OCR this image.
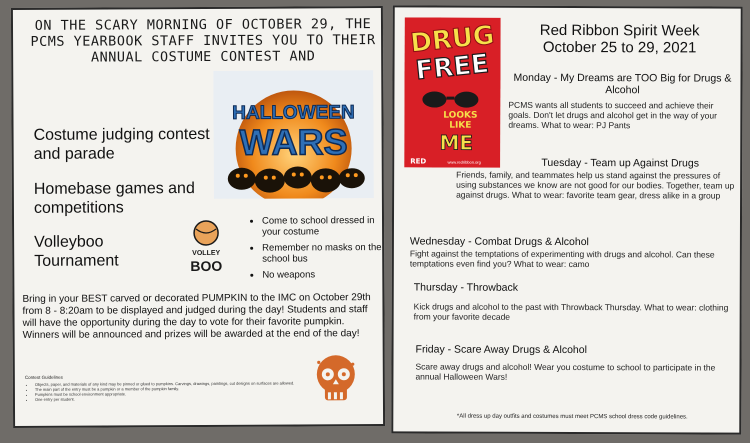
ON THE SCARY MORNING OF OCTOBER 29, THE PCMS YEARBOOK STAFF INVITES YOU TO THEIR ANNUAL COSTUME CONTEST AND
HALLOWEEN
WARS
Costume judging contest and parade
Homebase games and competitions
Volleyboo Tournament	VOLLEY
BOO
• Come to school dressed in your costume
• Remember no masks on the school bus
• No weapons
Bring in your BEST carved or decorated PUMPKIN to the IMC on October 29th from 8 - 8:20am to be displayed and judged during the day! Students and staff will have the opportunity during the day to vote for their favorite pumpkin. Winners will be announced and prizes will be awarded at the end of the day!
Contest Guidelines
• Objects, paper, and materials of any kind may be pinned or glued to pumpkins. Carvings, drawings, paintings, cut designs on surfaces are allowed.
• The main part of the entry must be a pumpkin or a member of the pumpkin family.
• Pumpkins must be school environment appropriate.
• One entry per student.
DRUG
FREE
LOOKS
LIKE
ME
RED	www.redribbon.org
Red Ribbon Spirit Week
October 25 to 29, 2021
Monday - My Dreams are TOO Big for Drugs & Alcohol
PCMS wants all students to succeed and achieve their goals. Don't let drugs and alcohol get in the way of your dreams. What to wear: PJ Pants
Tuesday - Team up Against Drugs
Friends, family, and teammates help us stand against the pressures of using substances we know are not good for our bodies. Together, team up against drugs. What to wear: favorite team gear, dress alike in a group
Wednesday - Combat Drugs & Alcohol
Fight against the temptations of experimenting with drugs and alcohol. Can these temptations even find you? What to wear: camo
Thursday - Throwback
Kick drugs and alcohol to the past with Throwback Thursday. What to wear: clothing from your favorite decade
Friday - Scare Away Drugs & Alcohol
Scare away drugs and alcohol! Wear you costume to school to participate in the annual Halloween Wars!
*All dress up day outfits and costumes must meet PCMS school dress code guidelines.
